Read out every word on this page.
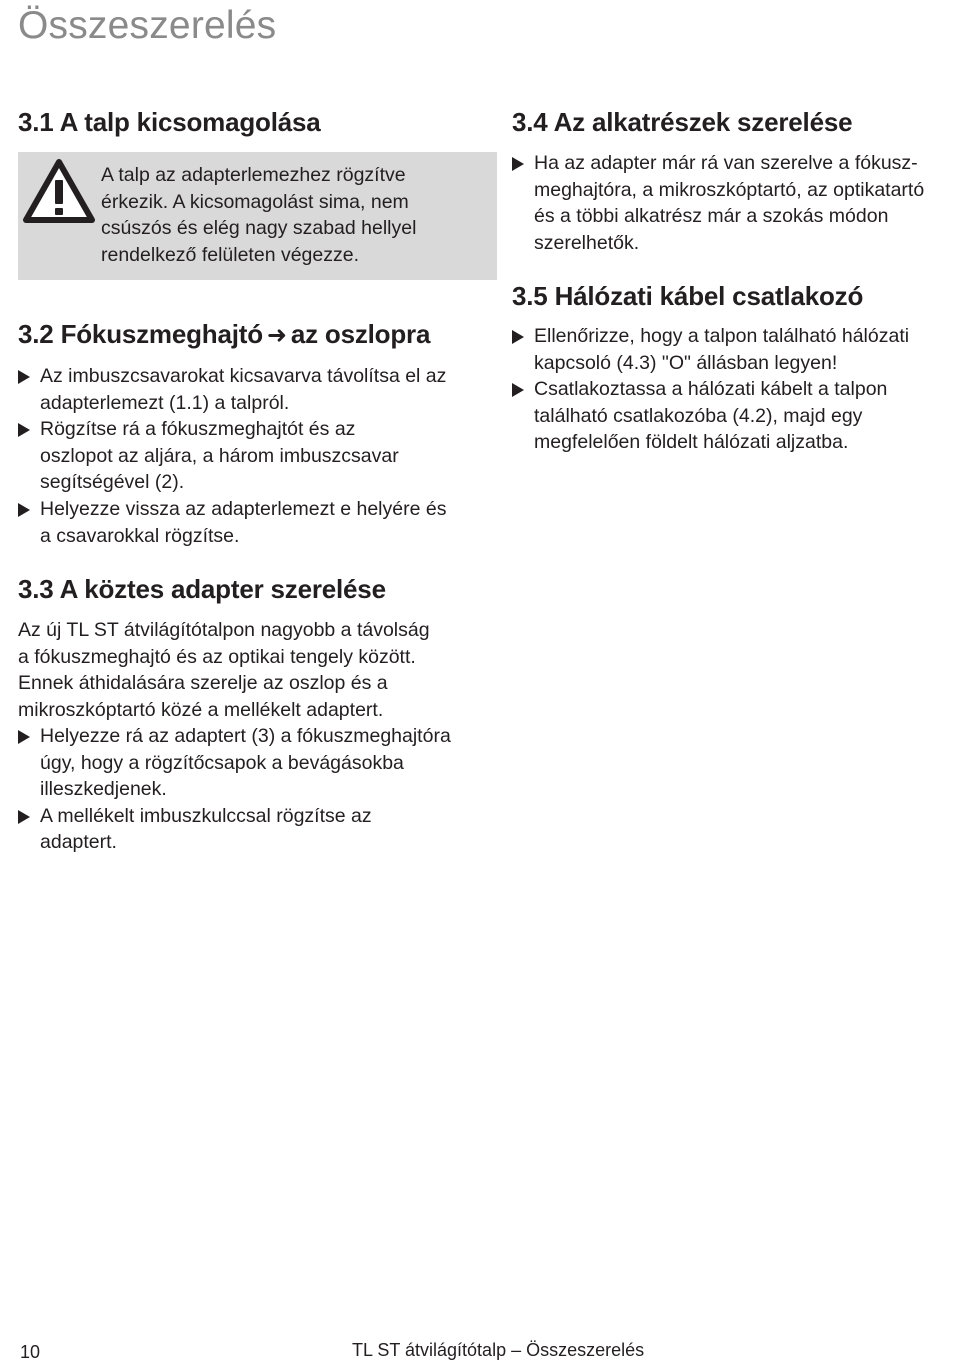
Összeszerelés
3.1 A talp kicsomagolása

A talp az adapterlemezhez rögzítve
érkezik. A kicsomagolást sima, nem
csúszós és elég nagy szabad hellyel
rendelkező felületen végezze.

3.2 Fókuszmeghajtó ➜ az oszlopra
Az imbuszcsavarokat kicsavarva távolítsa el az
adapterlemezt (1.1) a talpról.
Rögzítse rá a fókuszmeghajtót és az
oszlopot az aljára, a három imbuszcsavar
segítségével (2).
Helyezze vissza az adapterlemezt e helyére és
a csavarokkal rögzítse.
3.3 A köztes adapter szerelése

Az új TL ST átvilágítótalpon nagyobb a távolság
a fókuszmeghajtó és az optikai tengely között.
Ennek áthidalására szerelje az oszlop és a
mikroszkóptartó közé a mellékelt adaptert.

Helyezze rá az adaptert (3) a fókuszmeghajtóra
úgy, hogy a rögzítőcsapok a bevágásokba
illeszkedjenek.
A mellékelt imbuszkulccsal rögzítse az
adaptert.
3.4 Az alkatrészek szerelése
Ha az adapter már rá van szerelve a fókusz-
meghajtóra, a mikroszkóptartó, az optikatartó
és a többi alkatrész már a szokás módon
szerelhetők.
3.5 Hálózati kábel csatlakozó
Ellenőrizze, hogy a talpon található hálózati
kapcsoló (4.3) "O" állásban legyen!
Csatlakoztassa a hálózati kábelt a talpon
található csatlakozóba (4.2), majd egy
megfelelően földelt hálózati aljzatba.
10	TL ST átvilágítótalp – Összeszerelés
